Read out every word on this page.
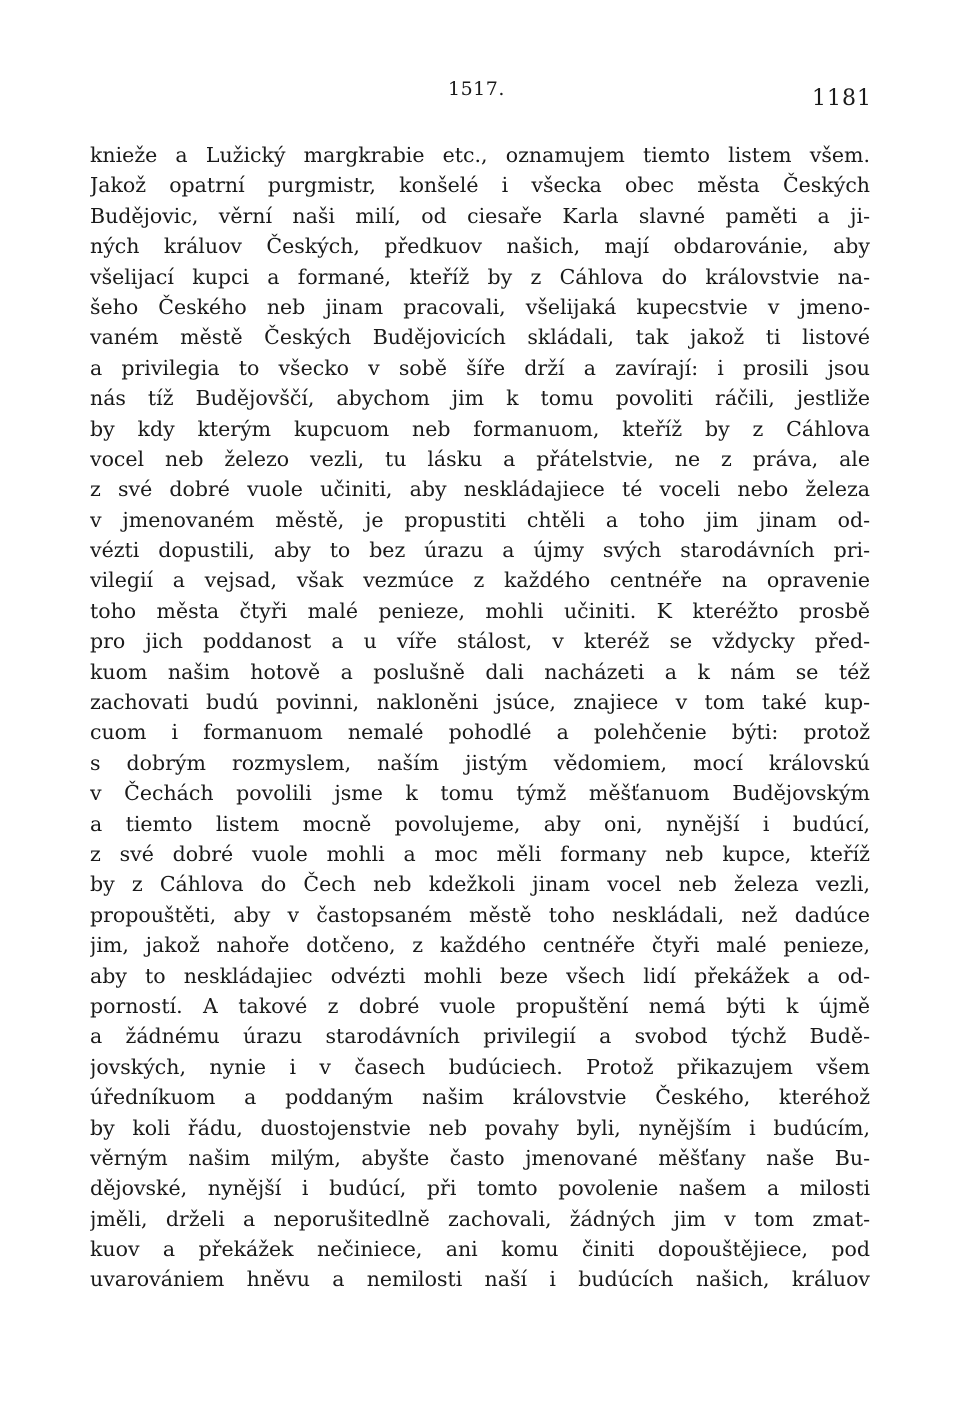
1517.	1181
knieže a Lužický margkrabie etc., oznamujem tiemto listem všem.
Jakož opatrní purgmistr, konšelé i všecka obec města Českých
Budějovic, věrní naši milí, od ciesaře Karla slavné paměti a ji-
ných králuov Českých, předkuov našich, mají obdarovánie, aby
všelijací kupci a formané, kteříž by z Cáhlova do královstvie na-
šeho Českého neb jinam pracovali, všelijaká kupecstvie v jmeno-
vaném městě Českých Budějovicích skládali, tak jakož ti listové
a privilegia to všecko v sobě šíře drží a zavírají: i prosili jsou
nás tíž Budějovščí, abychom jim k tomu povoliti ráčili, jestliže
by kdy kterým kupcuom neb formanuom, kteříž by z Cáhlova
vocel neb železo vezli, tu lásku a přátelstvie, ne z práva, ale
z své dobré vuole učiniti, aby neskládajiece té voceli nebo železa
v jmenovaném městě, je propustiti chtěli a toho jim jinam od-
vézti dopustili, aby to bez úrazu a újmy svých starodávních pri-
vilegií a vejsad, však vezmúce z každého centnéře na opravenie
toho města čtyři malé penieze, mohli učiniti. K kteréžto prosbě
pro jich poddanost a u víře stálost, v kteréž se vždycky před-
kuom našim hotově a poslušně dali nacházeti a k nám se též
zachovati budú povinni, nakloněni jsúce, znajiece v tom také kup-
cuom i formanuom nemalé pohodlé a polehčenie býti: protož
s dobrým rozmyslem, naším jistým vědomiem, mocí královskú
v Čechách povolili jsme k tomu týmž měšťanuom Budějovským
a tiemto listem mocně povolujeme, aby oni, nynější i budúcí,
z své dobré vuole mohli a moc měli formany neb kupce, kteříž
by z Cáhlova do Čech neb kdežkoli jinam vocel neb železa vezli,
propouštěti, aby v častopsaném městě toho neskládali, než dadúce
jim, jakož nahoře dotčeno, z každého centnéře čtyři malé penieze,
aby to neskládajiec odvézti mohli beze všech lidí překážek a od-
porností. A takové z dobré vuole propuštění nemá býti k újmě
a žádnému úrazu starodávních privilegií a svobod týchž Budě-
jovských, nynie i v časech budúciech. Protož přikazujem všem
úředníkuom a poddaným našim královstvie Českého, kteréhož
by koli řádu, duostojenstvie neb povahy byli, nynějším i budúcím,
věrným našim milým, abyšte často jmenované měšťany naše Bu-
dějovské, nynější i budúcí, při tomto povolenie našem a milosti
jměli, drželi a neporušitedlně zachovali, žádných jim v tom zmat-
kuov a překážek nečiniece, ani komu činiti dopouštějiece, pod
uvarovániem hněvu a nemilosti naší i budúcích našich, králuov
